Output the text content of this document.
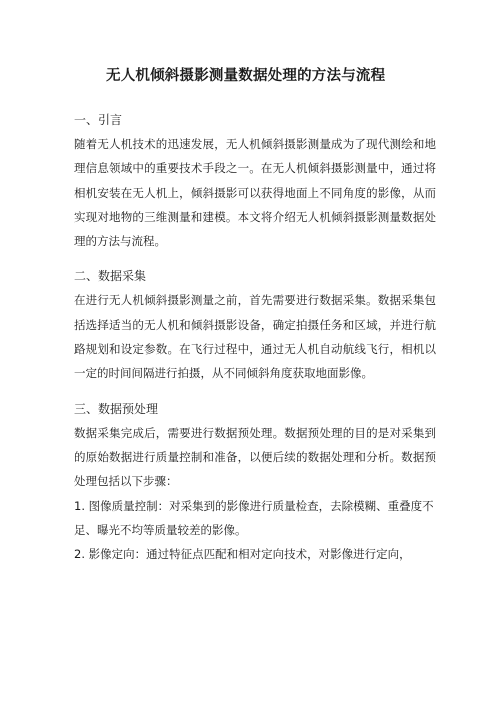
无人机倾斜摄影测量数据处理的方法与流程
一、引言

随着无人机技术的迅速发展，无人机倾斜摄影测量成为了现代测绘和地理信息领域中的重要技术手段之一。在无人机倾斜摄影测量中，通过将相机安装在无人机上，倾斜摄影可以获得地面上不同角度的影像，从而实现对地物的三维测量和建模。本文将介绍无人机倾斜摄影测量数据处理的方法与流程。

二、数据采集

在进行无人机倾斜摄影测量之前，首先需要进行数据采集。数据采集包括选择适当的无人机和倾斜摄影设备，确定拍摄任务和区域，并进行航路规划和设定参数。在飞行过程中，通过无人机自动航线飞行，相机以一定的时间间隔进行拍摄，从不同倾斜角度获取地面影像。

三、数据预处理

数据采集完成后，需要进行数据预处理。数据预处理的目的是对采集到的原始数据进行质量控制和准备，以便后续的数据处理和分析。数据预处理包括以下步骤：

1. 图像质量控制：对采集到的影像进行质量检查，去除模糊、重叠度不足、曝光不均等质量较差的影像。

2. 影像定向：通过特征点匹配和相对定向技术，对影像进行定向，
